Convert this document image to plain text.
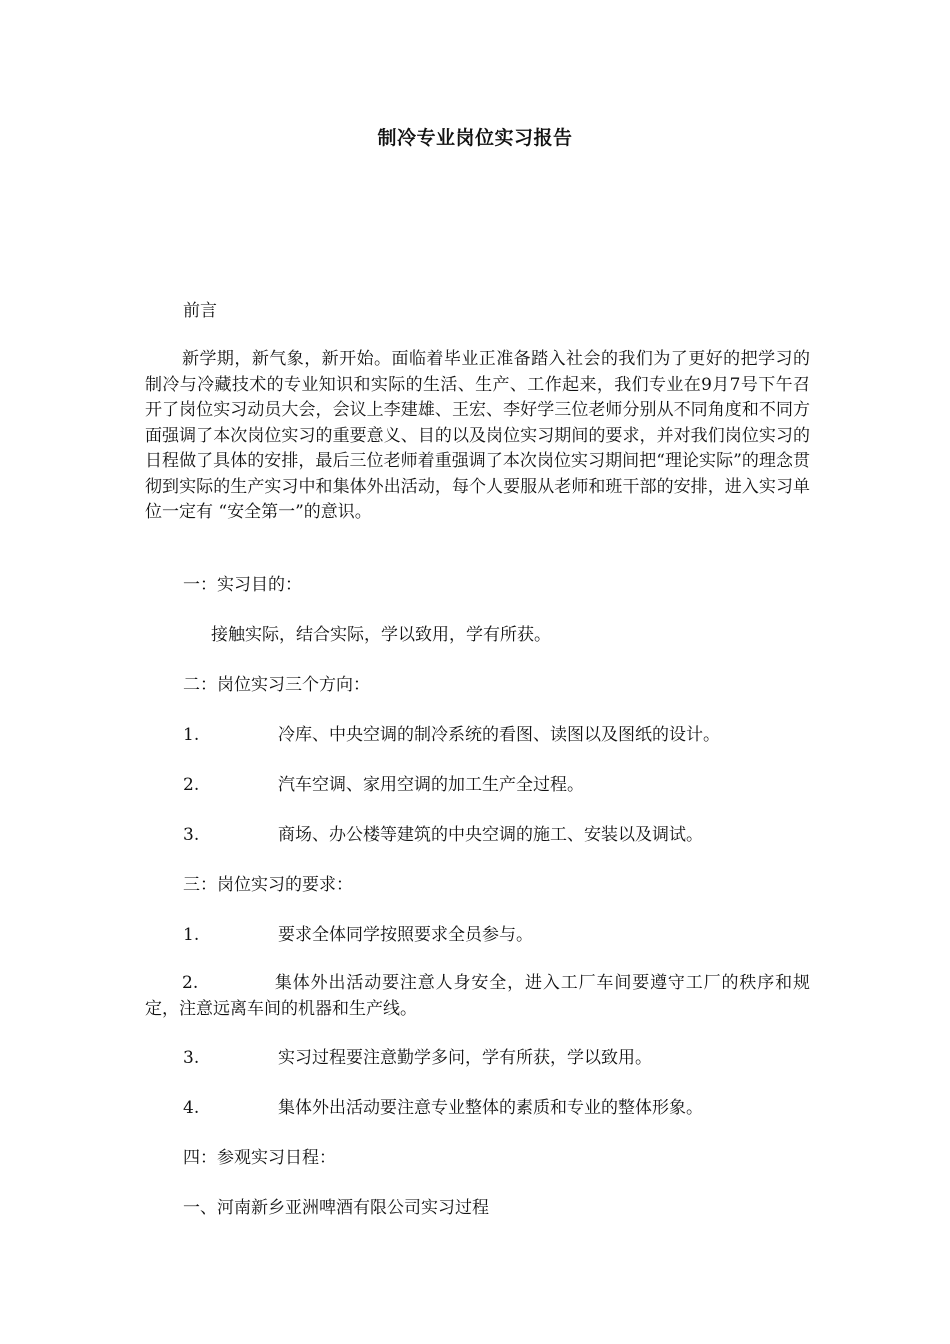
制冷专业岗位实习报告
前言
新学期，新气象，新开始。面临着毕业正准备踏入社会的我们为了更好的把学习的制冷与冷藏技术的专业知识和实际的生活、生产、工作起来，我们专业在9月7号下午召开了岗位实习动员大会，会议上李建雄、王宏、李好学三位老师分别从不同角度和不同方面强调了本次岗位实习的重要意义、目的以及岗位实习期间的要求，并对我们岗位实习的日程做了具体的安排，最后三位老师着重强调了本次岗位实习期间把“理论实际”的理念贯彻到实际的生产实习中和集体外出活动，每个人要服从老师和班干部的安排，进入实习单位一定有 “安全第一”的意识。
一：实习目的：
接触实际，结合实际，学以致用，学有所获。
二：岗位实习三个方向：
1.	冷库、中央空调的制冷系统的看图、读图以及图纸的设计。
2.	汽车空调、家用空调的加工生产全过程。
3.	商场、办公楼等建筑的中央空调的施工、安装以及调试。
三：岗位实习的要求：
1.	要求全体同学按照要求全员参与。
2.	集体外出活动要注意人身安全，进入工厂车间要遵守工厂的秩序和规定，注意远离车间的机器和生产线。
3.	实习过程要注意勤学多问，学有所获，学以致用。
4.	集体外出活动要注意专业整体的素质和专业的整体形象。
四：参观实习日程：
一、河南新乡亚洲啤酒有限公司实习过程
